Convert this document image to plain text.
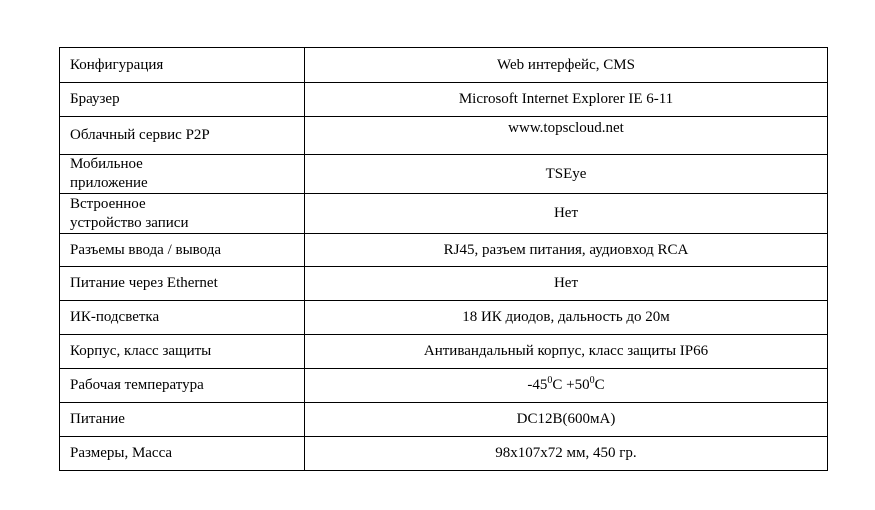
Конфигурация	Web интерфейс, CMS
Браузер	Microsoft Internet Explorer IE 6-11
Облачный сервис P2P	www.topscloud.net

Мобильное
приложение	TSEye

Встроенное
устройство записи	Нет
Разъемы ввода / вывода	RJ45, разъем питания, аудиовход RCA
Питание через Ethernet	Нет
ИК-подсветка	18 ИК диодов, дальность до 20м
Корпус, класс защиты	Антивандальный корпус, класс защиты IP66
Рабочая температура	$-45^0C +50^0C$
Питание	DC12В(600мА)
Размеры, Масса	98x107x72 мм, 450 гр.
